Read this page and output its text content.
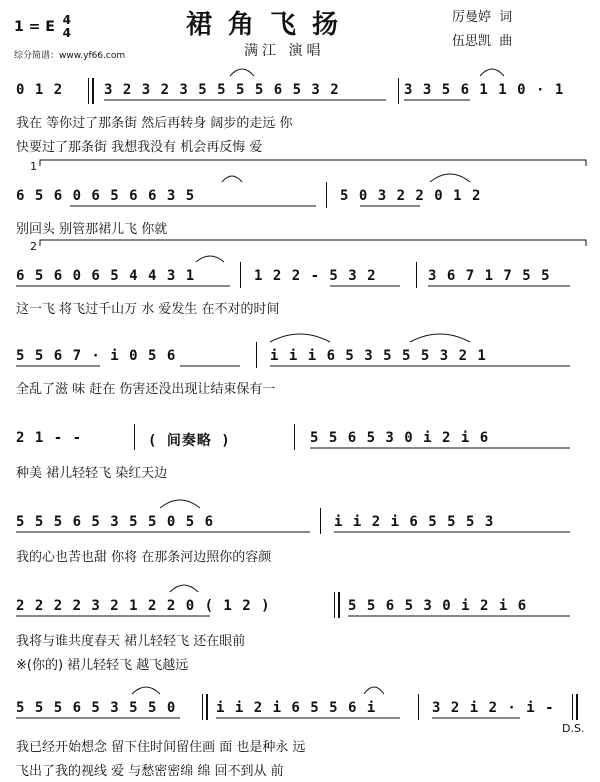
1 = E 4
4
综分简谱：www.yf66.com
裙角飞扬
满江 演唱
厉曼婷 词
伍思凯 曲
0 1 2	3 2 3 2 3 5 5 5 5 6 5 3 2	3 3 5 6 1 1 0 · 1
我在 等你过了那条街 然后再转身 阔步的走远 你
快要过了那条街 我想我没有 机会再反悔 爱
1
6 5 6 0 6 5 6 6 3 5	5 0 3 2 2 0 1 2
别回头 别管那裙儿飞 你就
2
6 5 6 0 6 5 4 4 3 1	1 2 2 - 5 3 2	3 6 7 1 7 5 5
这一飞 将飞过千山万 水 爱发生 在不对的时间
5 5 6 7 · i 0 5 6	i i i 6 5 3 5 5 5 3 2 1
全乱了滋 味 赶在 伤害还没出现让结束保有一
2 1 - -	( 间奏略 )	5 5 6 5 3 0 i 2 i 6
种美 裙儿轻轻飞 染红天边
5 5 5 6 5 3 5 5 0 5 6	i i 2 i 6 5 5 5 3
我的心也苦也甜 你将 在那条河边照你的容颜
2 2 2 2 3 2 1 2 2 0 ( 1 2 )	5 5 6 5 3 0 i 2 i 6
我将与谁共度春天 裙儿轻轻飞 还在眼前
※(你的) 裙儿轻轻飞 越飞越远
5 5 5 6 5 3 5 5 0	i i 2 i 6 5 5 6 i	3 2 i 2 · i -
D.S.
我已经开始想念 留下住时间留住画 面 也是种永 远
飞出了我的视线 爱 与愁密密绵 绵 回不到从 前
